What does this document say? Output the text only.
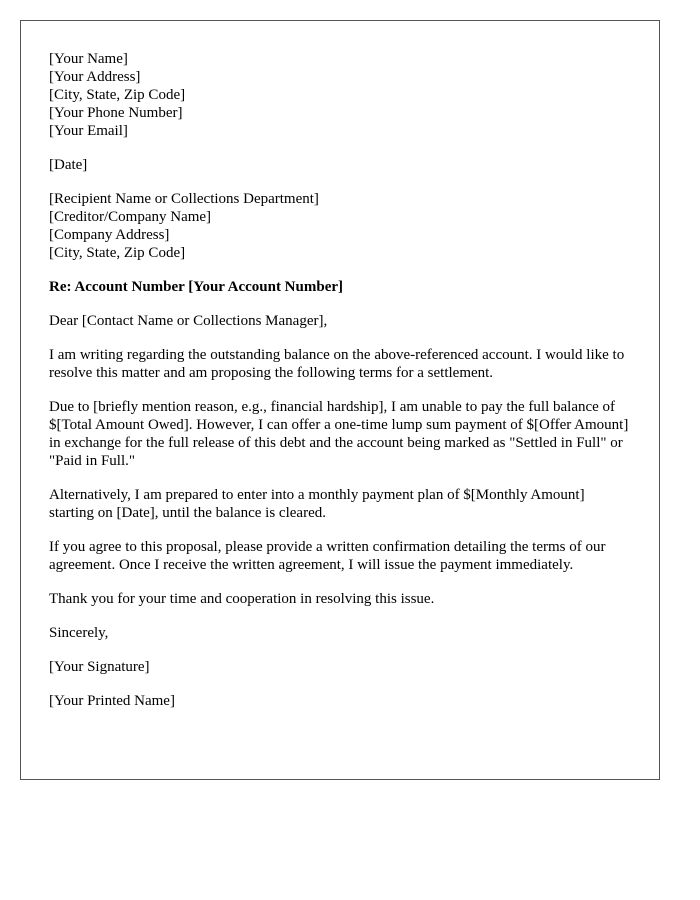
[Your Name]
[Your Address]
[City, State, Zip Code]
[Your Phone Number]
[Your Email]
[Date]
[Recipient Name or Collections Department]
[Creditor/Company Name]
[Company Address]
[City, State, Zip Code]

Re: Account Number [Your Account Number]

Dear [Contact Name or Collections Manager],

I am writing regarding the outstanding balance on the above-referenced account. I would like to resolve this matter and am proposing the following terms for a settlement.

Due to [briefly mention reason, e.g., financial hardship], I am unable to pay the full balance of $[Total Amount Owed]. However, I can offer a one-time lump sum payment of $[Offer Amount] in exchange for the full release of this debt and the account being marked as "Settled in Full" or "Paid in Full."

Alternatively, I am prepared to enter into a monthly payment plan of $[Monthly Amount] starting on [Date], until the balance is cleared.

If you agree to this proposal, please provide a written confirmation detailing the terms of our agreement. Once I receive the written agreement, I will issue the payment immediately.

Thank you for your time and cooperation in resolving this issue.

Sincerely,

[Your Signature]

[Your Printed Name]
